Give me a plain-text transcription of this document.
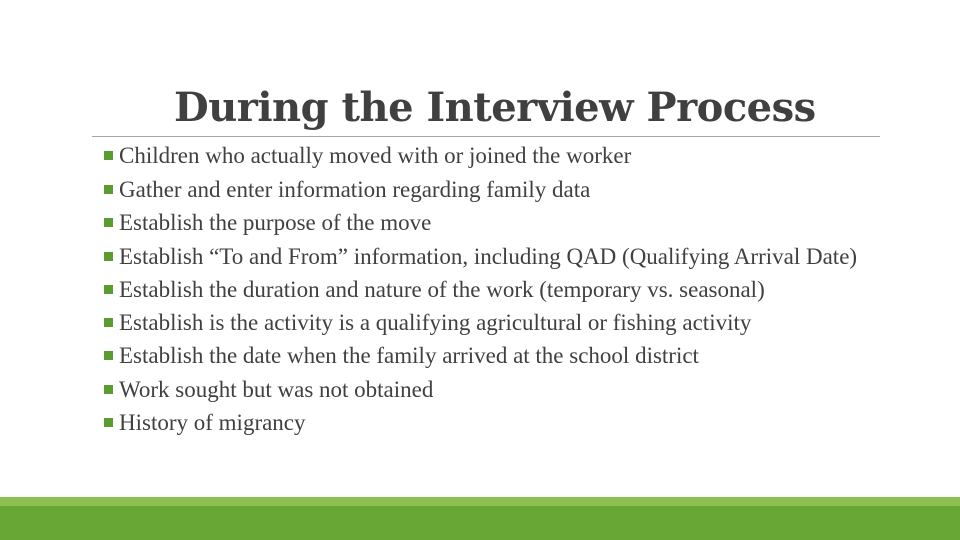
During the Interview Process
Children who actually moved with or joined the worker
Gather and enter information regarding family data
Establish the purpose of the move
Establish “To and From” information, including QAD (Qualifying Arrival Date)
Establish the duration and nature of the work (temporary vs. seasonal)
Establish is the activity is a qualifying agricultural or fishing activity
Establish the date when the family arrived at the school district
Work sought but was not obtained
History of migrancy
